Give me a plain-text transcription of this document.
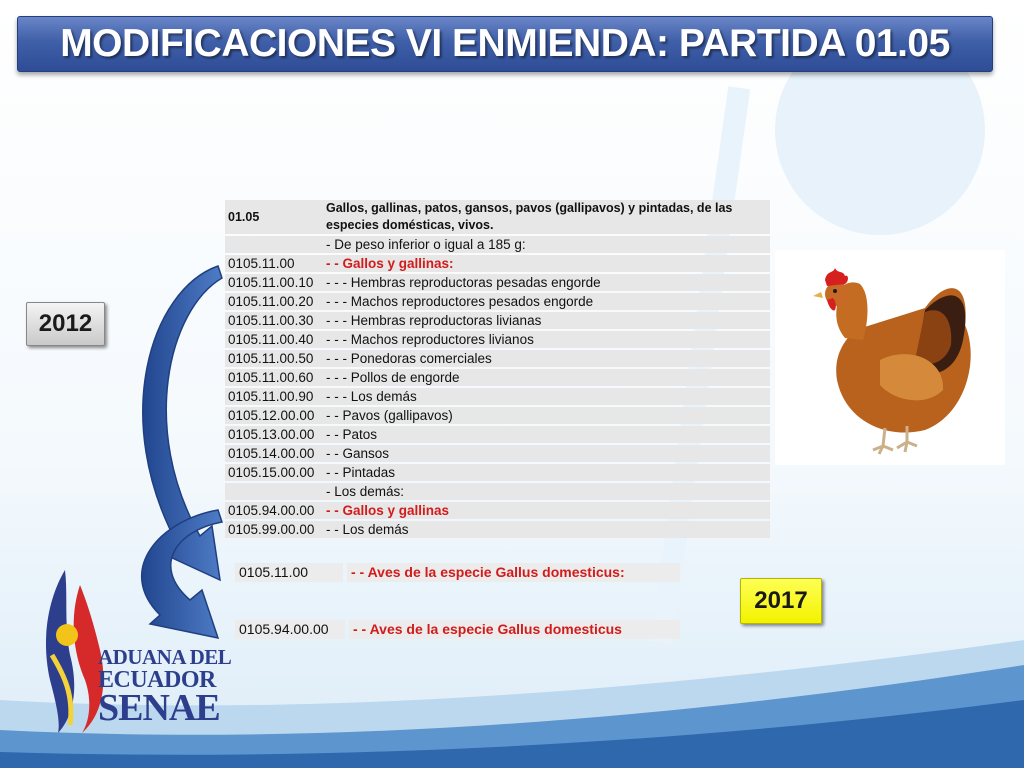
MODIFICACIONES VI ENMIENDA: PARTIDA 01.05
2012
01.05	Gallos, gallinas, patos, gansos, pavos (gallipavos) y pintadas, de las especies domésticas, vivos.
	- De peso inferior o igual a 185 g:
0105.11.00	- - Gallos y gallinas:
0105.11.00.10	- - - Hembras reproductoras pesadas engorde
0105.11.00.20	- - - Machos reproductores pesados engorde
0105.11.00.30	- - - Hembras reproductoras livianas
0105.11.00.40	- - - Machos reproductores livianos
0105.11.00.50	- - - Ponedoras comerciales
0105.11.00.60	- - - Pollos de engorde
0105.11.00.90	- - - Los demás
0105.12.00.00	- - Pavos (gallipavos)
0105.13.00.00	- - Patos
0105.14.00.00	- - Gansos
0105.15.00.00	- - Pintadas
	- Los demás:
0105.94.00.00	- - Gallos y gallinas
0105.99.00.00	- - Los demás
0105.11.00	- - Aves de la especie Gallus domesticus:
0105.94.00.00	- - Aves de la especie Gallus domesticus
2017
ADUANA DEL
ECUADOR
SENAE
